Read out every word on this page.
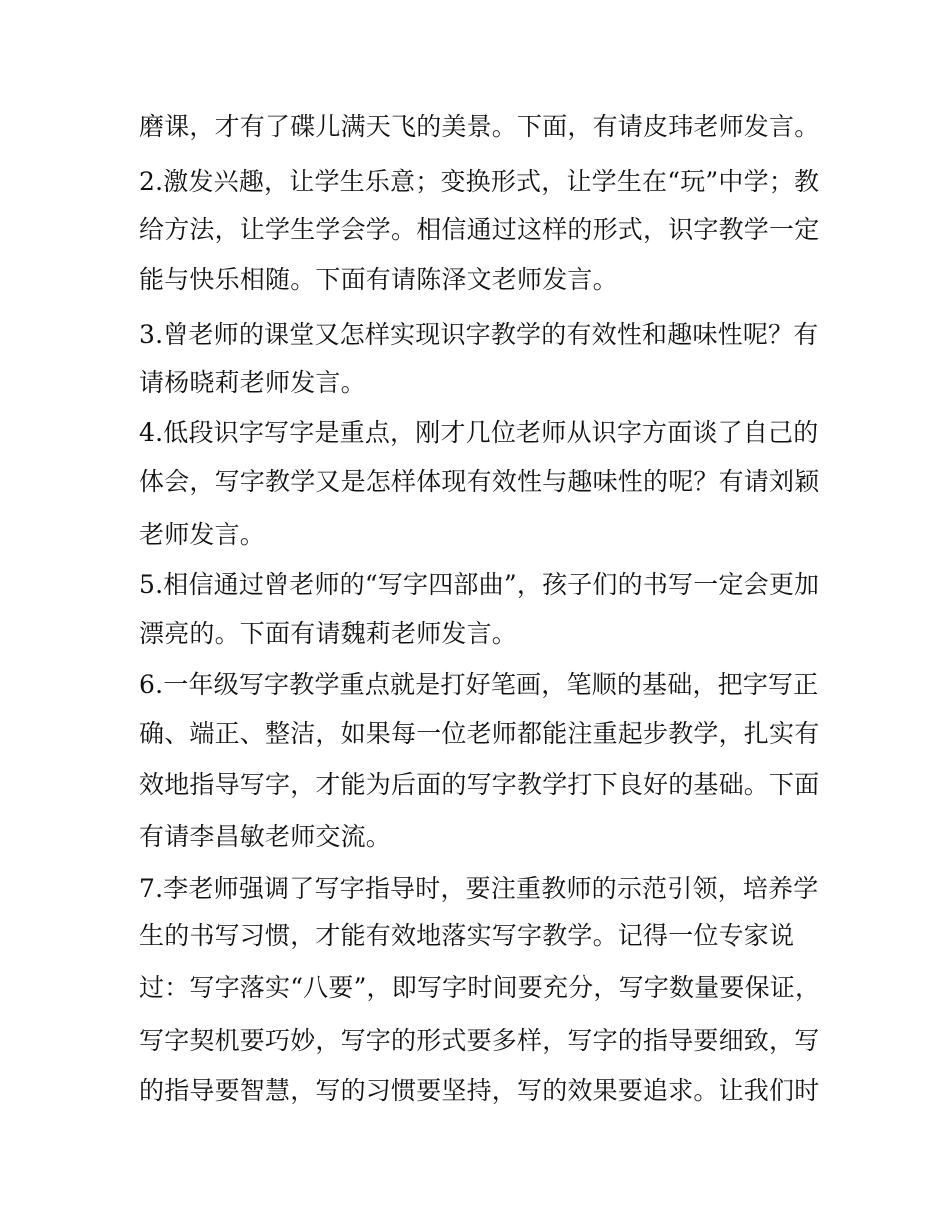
磨课，才有了碟儿满天飞的美景。下面，有请皮玮老师发言。
2.激发兴趣，让学生乐意；变换形式，让学生在“玩”中学；教
给方法，让学生学会学。相信通过这样的形式，识字教学一定
能与快乐相随。下面有请陈泽文老师发言。
3.曾老师的课堂又怎样实现识字教学的有效性和趣味性呢？有
请杨晓莉老师发言。
4.低段识字写字是重点，刚才几位老师从识字方面谈了自己的
体会，写字教学又是怎样体现有效性与趣味性的呢？有请刘颖
老师发言。
5.相信通过曾老师的“写字四部曲”，孩子们的书写一定会更加
漂亮的。下面有请魏莉老师发言。
6.一年级写字教学重点就是打好笔画，笔顺的基础，把字写正
确、端正、整洁，如果每一位老师都能注重起步教学，扎实有
效地指导写字，才能为后面的写字教学打下良好的基础。下面
有请李昌敏老师交流。
7.李老师强调了写字指导时，要注重教师的示范引领，培养学
生的书写习惯，才能有效地落实写字教学。记得一位专家说
过：写字落实“八要”，即写字时间要充分，写字数量要保证，
写字契机要巧妙，写字的形式要多样，写字的指导要细致，写
的指导要智慧，写的习惯要坚持，写的效果要追求。让我们时
